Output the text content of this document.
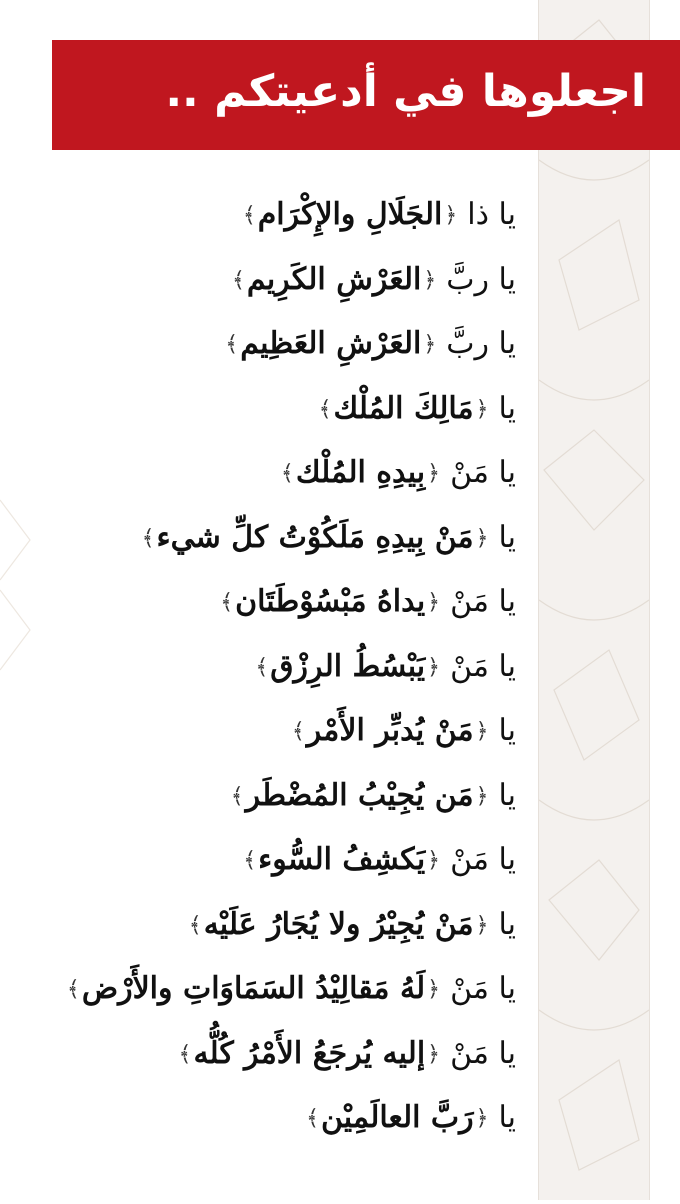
اجعلوها في أدعيتكم ..
يا ذا﴿الجَلَالِ والإِكْرَام﴾
يا ربَّ﴿العَرْشِ الكَرِيم﴾
يا ربَّ﴿العَرْشِ العَظِيم﴾
يا﴿مَالِكَ المُلْك﴾
يا مَنْ﴿بِيدِهِ المُلْك﴾
يا﴿مَنْ بِيدِهِ مَلَكُوْتُ كلِّ شيء﴾
يا مَنْ﴿يداهُ مَبْسُوْطَتَان﴾
يا مَنْ﴿يَبْسُطُ الرِزْق﴾
يا﴿مَنْ يُدبِّر الأَمْر﴾
يا﴿مَن يُجِيْبُ المُضْطَر﴾
يا مَنْ﴿يَكشِفُ السُّوء﴾
يا﴿مَنْ يُجِيْرُ ولا يُجَارُ عَلَيْه﴾
يا مَنْ﴿لَهُ مَقالِيْدُ السَمَاوَاتِ والأَرْض﴾
يا مَنْ﴿إليه يُرجَعُ الأَمْرُ كُلُّه﴾
يا﴿رَبَّ العالَمِيْن﴾
